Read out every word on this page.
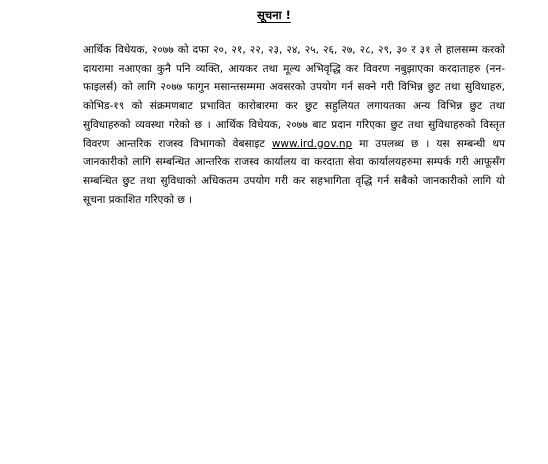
सूचना !
आर्थिक विधेयक, २०७७ को दफा २०, २१, २२, २३, २४, २५, २६, २७, २८, २९, ३० र ३१ ले हालसम्म करको दायरामा नआएका कुनै पनि व्यक्ति, आयकर तथा मूल्य अभिवृद्धि कर विवरण नबुझाएका करदाताहरु (नन-फाइलर्स) को लागि २०७७ फागुन मसान्तसम्ममा अवसरको उपयोग गर्न सक्ने गरी विभिन्न छुट तथा सुविधाहरु, कोभिड-१९ को संक्रमणबाट प्रभावित कारोबारमा कर छुट सहुलियत लगायतका अन्य विभिन्न छुट तथा सुविधाहरुको व्यवस्था गरेको छ । आर्थिक विधेयक, २०७७ बाट प्रदान गरिएका छुट तथा सुविधाहरुको विस्तृत विवरण आन्तरिक राजस्व विभागको वेबसाइट www.ird.gov.np मा उपलब्ध छ । यस सम्बन्धी थप जानकारीको लागि सम्बन्धित आन्तरिक राजस्व कार्यालय वा करदाता सेवा कार्यालयहरुमा सम्पर्क गरी आफूसँग सम्बन्धित छुट तथा सुविधाको अधिकतम उपयोग गरी कर सहभागिता वृद्धि गर्न सबैको जानकारीको लागि यो सूचना प्रकाशित गरिएको छ ।
